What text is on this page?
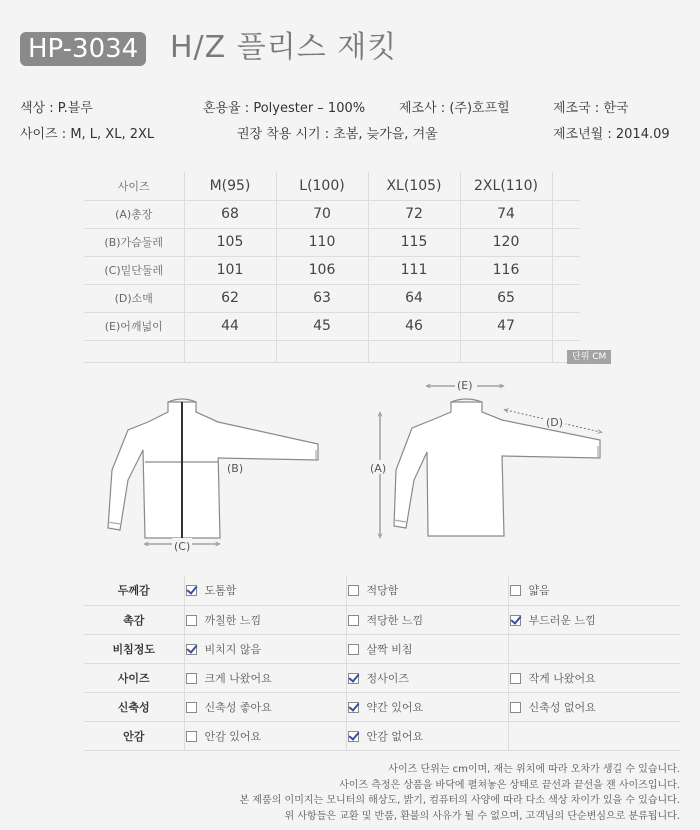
HP-3034 H/Z 플리스 재킷
색상 : P.블루	혼용율 : Polyester – 100%	제조사 : (주)호프힐	제조국 : 한국
사이즈 : M, L, XL, 2XL	권장 착용 시기 : 초봄, 늦가을, 겨울	제조년월 : 2014.09
사이즈	M(95)	L(100)	XL(105)	2XL(110)	
(A)총장	68	70	72	74	
(B)가슴둘레	105	110	115	120	
(C)밑단둘레	101	106	111	116	
(D)소매	62	63	64	65	
(E)어깨넓이	44	45	46	47	

단위 CM
(C)
(B)
(E)
(D)
(A)
두께감	도톰함	적당함	얇음
촉감	까칠한 느낌	적당한 느낌	부드러운 느낌
비침정도	비치지 않음	살짝 비침	
사이즈	크게 나왔어요	정사이즈	작게 나왔어요
신축성	신축성 좋아요	약간 있어요	신축성 없어요
안감	안감 있어요	안감 없어요	
사이즈 단위는 cm이며, 재는 위치에 따라 오차가 생길 수 있습니다.
사이즈 측정은 상품을 바닥에 펼쳐놓은 상태로 끝선과 끝선을 잰 사이즈입니다.
본 제품의 이미지는 모니터의 해상도, 밝기, 컴퓨터의 사양에 따라 다소 색상 차이가 있을 수 있습니다.
위 사항들은 교환 및 반품, 환불의 사유가 될 수 없으며, 고객님의 단순변심으로 분류됩니다.
